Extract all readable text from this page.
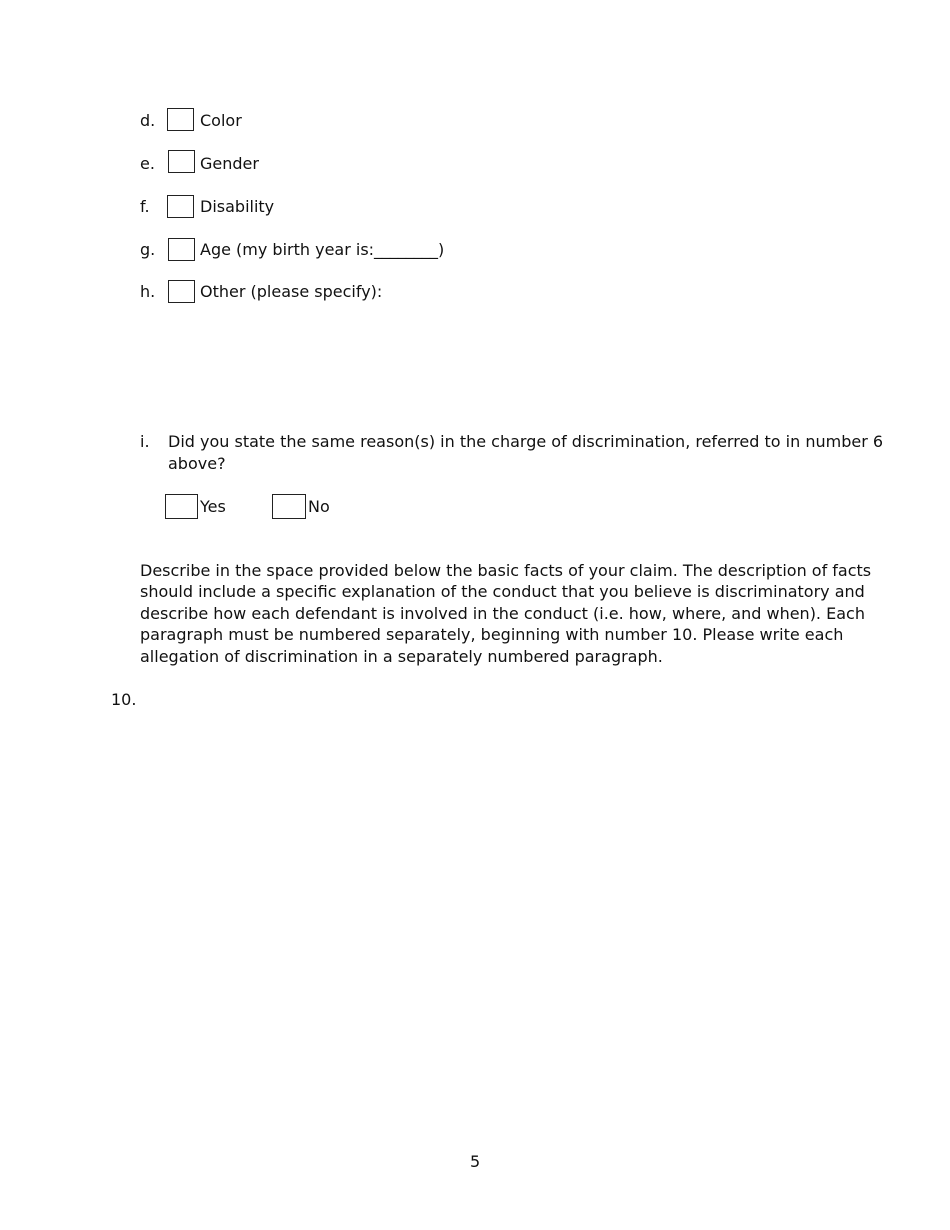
d.	Color
e.	Gender
f.	Disability
g.	Age (my birth year is:________)
h.	Other (please specify):
i. Did you state the same reason(s) in the charge of discrimination, referred to in number 6
above?
Yes	No
Describe in the space provided below the basic facts of your claim. The description of facts
should include a specific explanation of the conduct that you believe is discriminatory and
describe how each defendant is involved in the conduct (i.e. how, where, and when). Each
paragraph must be numbered separately, beginning with number 10. Please write each
allegation of discrimination in a separately numbered paragraph.
10.
5
